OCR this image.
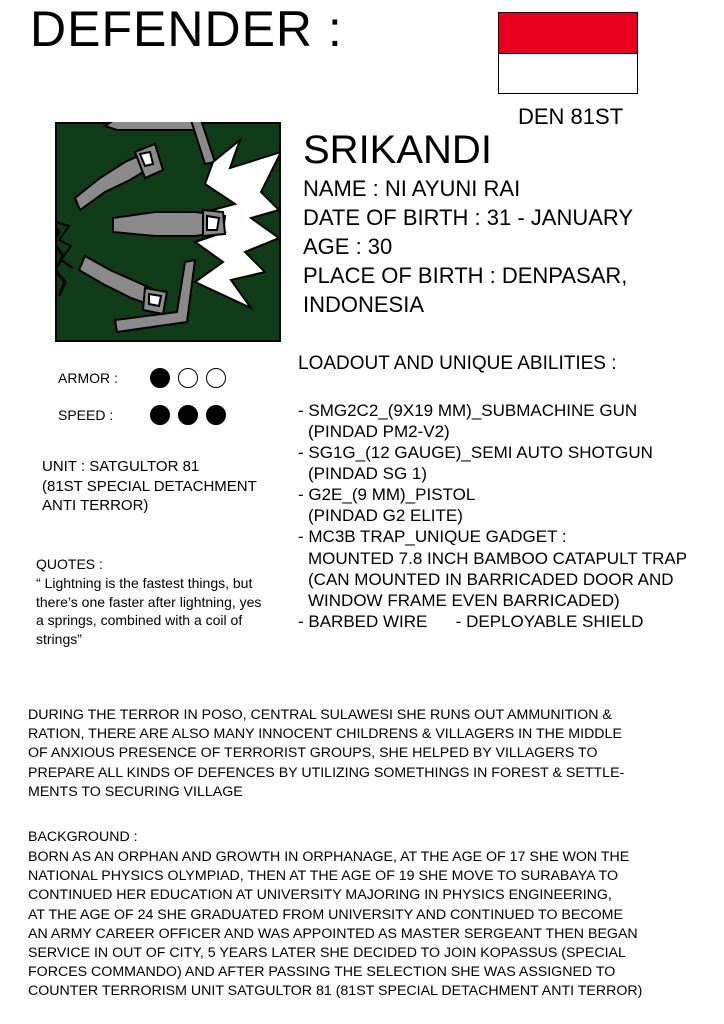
DEFENDER :
DEN 81ST
SRIKANDI
NAME : NI AYUNI RAI
DATE OF BIRTH : 31 - JANUARY
AGE : 30
PLACE OF BIRTH : DENPASAR,
INDONESIA
ARMOR :
SPEED :
UNIT : SATGULTOR 81
(81ST SPECIAL DETACHMENT
ANTI TERROR)
QUOTES :
“ Lightning is the fastest things, but
there’s one faster after lightning, yes
a springs, combined with a coil of
strings”
LOADOUT AND UNIQUE ABILITIES :
- SMG2C2_(9X19 MM)_SUBMACHINE GUN
(PINDAD PM2-V2)
- SG1G_(12 GAUGE)_SEMI AUTO SHOTGUN
(PINDAD SG 1)
- G2E_(9 MM)_PISTOL
(PINDAD G2 ELITE)
- MC3B TRAP_UNIQUE GADGET :
MOUNTED 7.8 INCH BAMBOO CATAPULT TRAP
(CAN MOUNTED IN BARRICADED DOOR AND
WINDOW FRAME EVEN BARRICADED)
- BARBED WIRE      - DEPLOYABLE SHIELD
DURING THE TERROR IN POSO, CENTRAL SULAWESI SHE RUNS OUT AMMUNITION &
RATION, THERE ARE ALSO MANY INNOCENT CHILDRENS & VILLAGERS IN THE MIDDLE
OF ANXIOUS PRESENCE OF TERRORIST GROUPS, SHE HELPED BY VILLAGERS TO
PREPARE ALL KINDS OF DEFENCES BY UTILIZING SOMETHINGS IN FOREST & SETTLE-
MENTS TO SECURING VILLAGE
BACKGROUND :
BORN AS AN ORPHAN AND GROWTH IN ORPHANAGE, AT THE AGE OF 17 SHE WON THE
NATIONAL PHYSICS OLYMPIAD, THEN AT THE AGE OF 19 SHE MOVE TO SURABAYA TO
CONTINUED HER EDUCATION AT UNIVERSITY MAJORING IN PHYSICS ENGINEERING,
AT THE AGE OF 24 SHE GRADUATED FROM UNIVERSITY AND CONTINUED TO BECOME
AN ARMY CAREER OFFICER AND WAS APPOINTED AS MASTER SERGEANT THEN BEGAN
SERVICE IN OUT OF CITY, 5 YEARS LATER SHE DECIDED TO JOIN KOPASSUS (SPECIAL
FORCES COMMANDO) AND AFTER PASSING THE SELECTION SHE WAS ASSIGNED TO
COUNTER TERRORISM UNIT SATGULTOR 81 (81ST SPECIAL DETACHMENT ANTI TERROR)
